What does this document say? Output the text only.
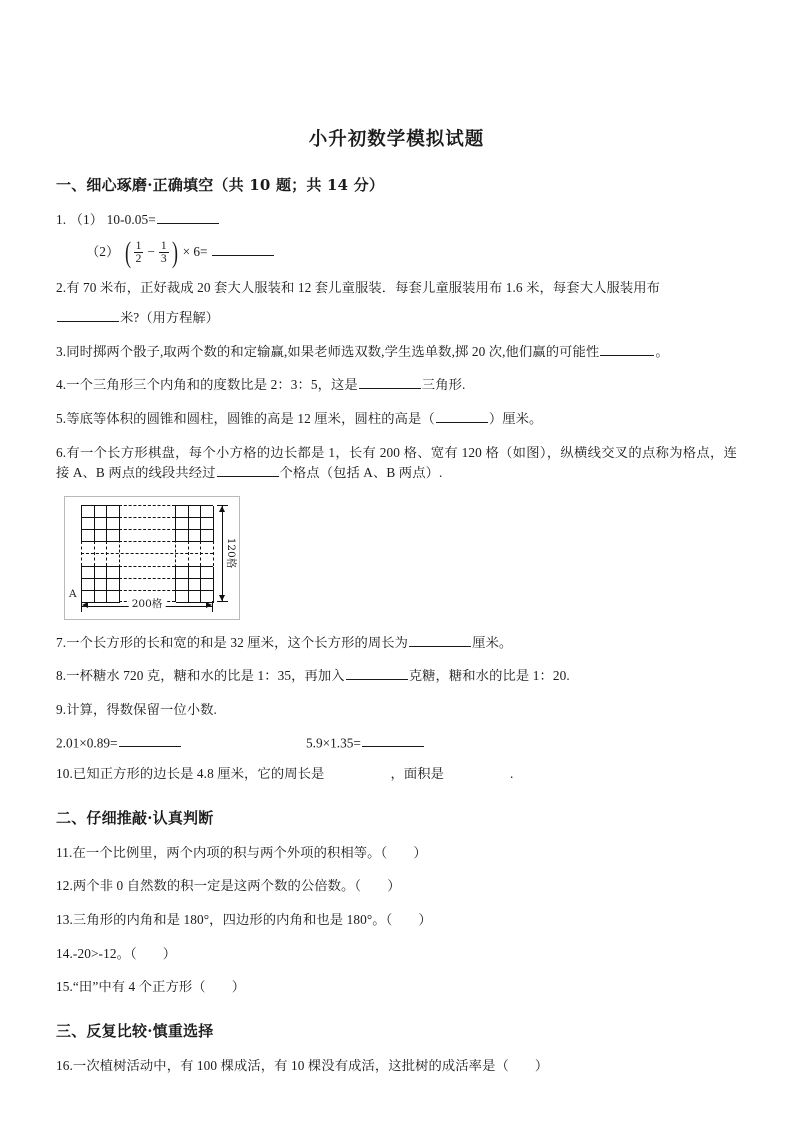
小升初数学模拟试题
一、细心琢磨·正确填空（共 10 题；共 14 分）
1. （1） 10-0.05=
（2） ( $\frac{1}{2} - \frac{1}{3}$ ) × 6=
2.有 70 米布，正好裁成 20 套大人服装和 12 套儿童服装．每套儿童服装用布 1.6 米，每套大人服装用布
米?（用方程解）
3.同时掷两个骰子,取两个数的和定输赢,如果老师选双数,学生选单数,掷 20 次,他们赢的可能性	。
4.一个三角形三个内角和的度数比是 2：3：5，这是	三角形.
5.等底等体积的圆锥和圆柱，圆锥的高是 12 厘米，圆柱的高是（	）厘米。
6.有一个长方形棋盘，每个小方格的边长都是 1，长有 200 格、宽有 120 格（如图），纵横线交叉的点称为格点，连接 A、B 两点的线段共经过	个格点（包括 A、B 两点）.
A
200格
120格
7.一个长方形的长和宽的和是 32 厘米，这个长方形的周长为	厘米。
8.一杯糖水 720 克，糖和水的比是 1：35，再加入	克糖，糖和水的比是 1：20.
9.计算，得数保留一位小数.
2.01×0.89=	5.9×1.35=
10.已知正方形的边长是 4.8 厘米，它的周长是	，面积是	.
二、仔细推敲·认真判断
11.在一个比例里，两个内项的积与两个外项的积相等。（ ）
12.两个非 0 自然数的积一定是这两个数的公倍数。（ ）
13.三角形的内角和是 180°，四边形的内角和也是 180°。（ ）
14.-20>-12。（ ）
15.“田”中有 4 个正方形（ ）
三、反复比较·慎重选择
16.一次植树活动中，有 100 棵成活，有 10 棵没有成活，这批树的成活率是（ ）
